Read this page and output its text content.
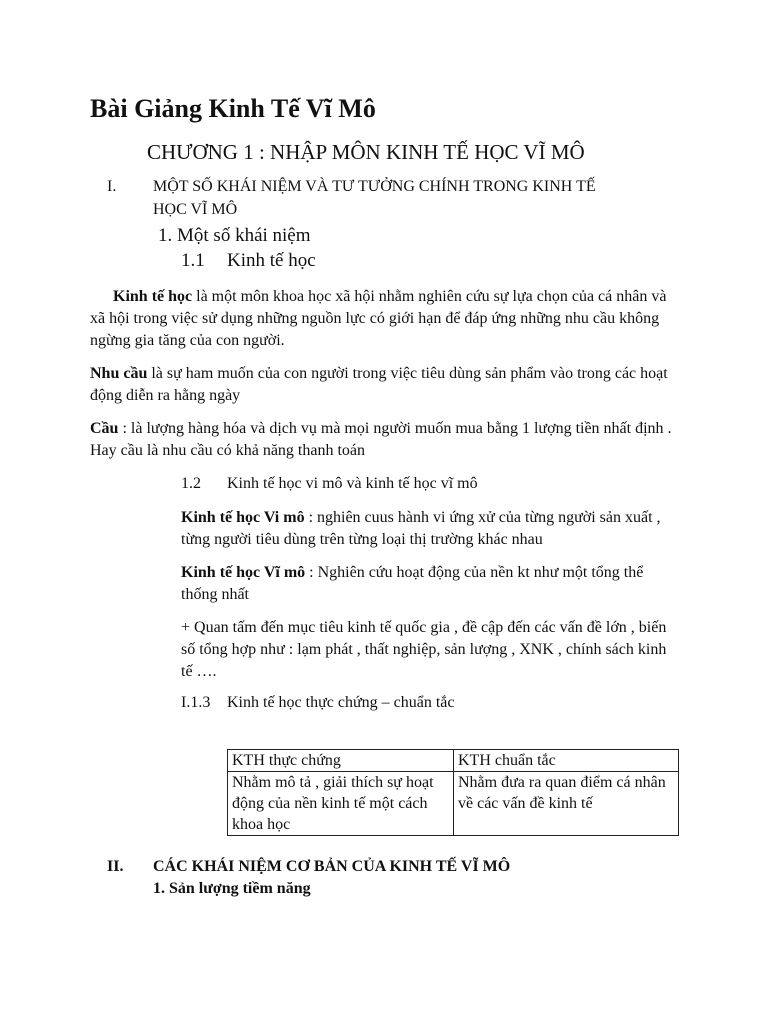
Bài Giảng Kinh Tế Vĩ Mô
CHƯƠNG 1 : NHẬP MÔN KINH TẾ HỌC VĨ MÔ
I. MỘT SỐ KHÁI NIỆM VÀ TƯ TƯỞNG CHÍNH TRONG KINH TẾ
HỌC VĨ MÔ
1. Một số khái niệm
1.1 Kinh tế học
Kinh tế học là một môn khoa học xã hội nhằm nghiên cứu sự lựa chọn của cá nhân và xã hội trong việc sử dụng những nguồn lực có giới hạn để đáp ứng những nhu cầu không ngừng gia tăng của con người.
Nhu cầu là sự ham muốn của con người trong việc tiêu dùng sản phẩm vào trong các hoạt động diễn ra hằng ngày
Cầu : là lượng hàng hóa và dịch vụ mà mọi người muốn mua bằng 1 lượng tiền nhất định . Hay cầu là nhu cầu có khả năng thanh toán
1.2 Kinh tế học vi mô và kinh tế học vĩ mô
Kinh tế học Vi mô : nghiên cuus hành vi ứng xử của từng người sản xuất , từng người tiêu dùng trên từng loại thị trường khác nhau
Kinh tế học Vĩ mô : Nghiên cứu hoạt động của nền kt như một tổng thể thống nhất
+ Quan tấm đến mục tiêu kinh tế quốc gia , đề cập đến các vấn đề lớn , biến số tổng hợp như : lạm phát , thất nghiệp, sản lượng , XNK , chính sách kinh tế ….
I.1.3 Kinh tế học thực chứng – chuẩn tắc
KTH thực chứng	KTH chuẩn tắc
Nhằm mô tả , giải thích sự hoạt động của nền kinh tế một cách khoa học	Nhằm đưa ra quan điểm cá nhân về các vấn đề kinh tế
II. CÁC KHÁI NIỆM CƠ BẢN CỦA KINH TẾ VĨ MÔ
1. Sản lượng tiềm năng
